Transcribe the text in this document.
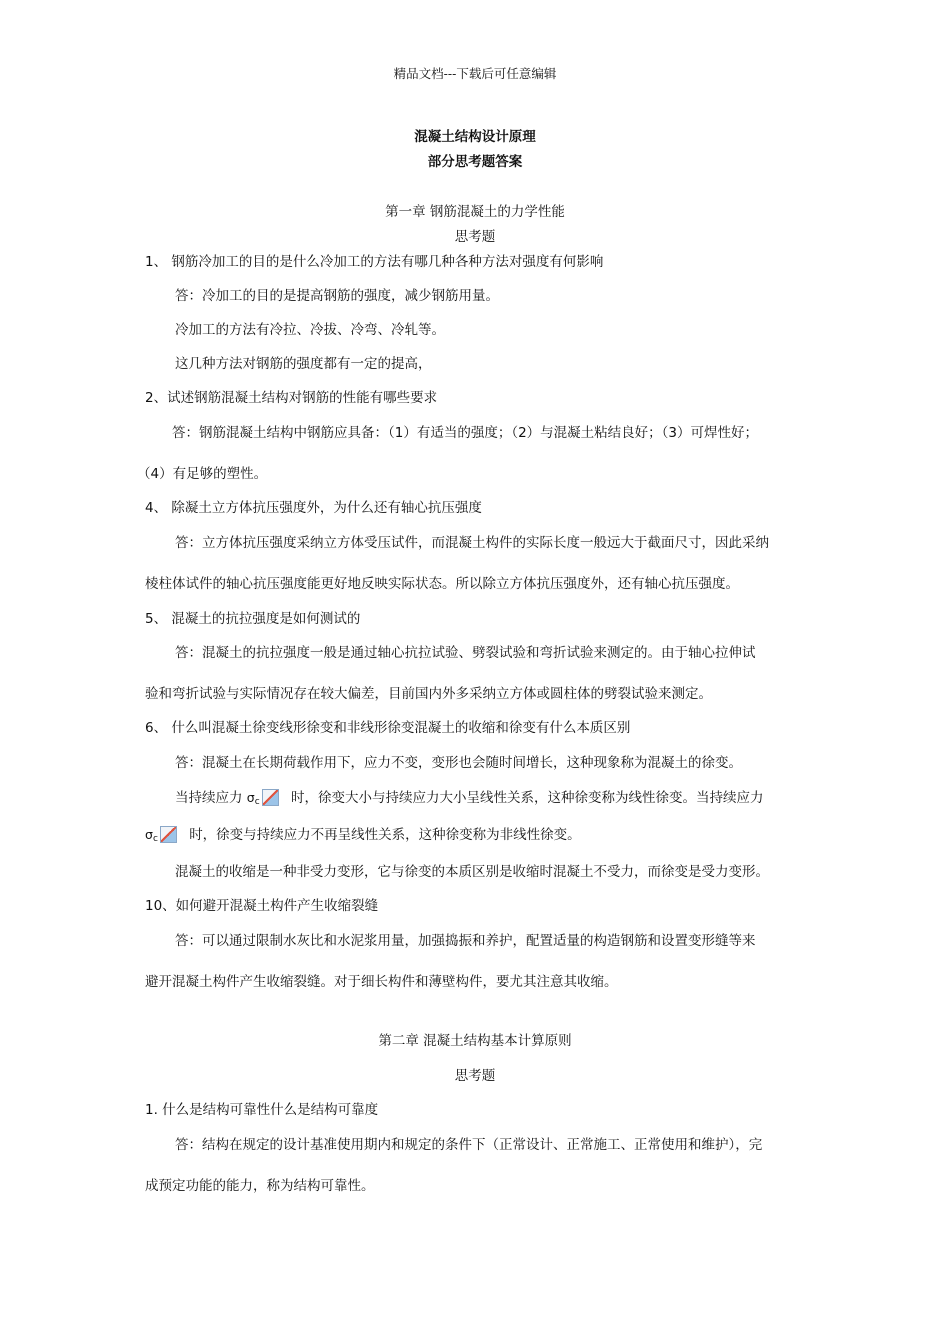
精品文档---下载后可任意编辑

混凝土结构设计原理

部分思考题答案

第一章 钢筋混凝土的力学性能

思考题

1、 钢筋冷加工的目的是什么冷加工的方法有哪几种各种方法对强度有何影响

答：冷加工的目的是提高钢筋的强度，减少钢筋用量。

冷加工的方法有冷拉、冷拔、冷弯、冷轧等。

这几种方法对钢筋的强度都有一定的提高，

2、试述钢筋混凝土结构对钢筋的性能有哪些要求

答：钢筋混凝土结构中钢筋应具备：（1）有适当的强度；（2）与混凝土粘结良好；（3）可焊性好；

（4）有足够的塑性。

4、 除凝土立方体抗压强度外，为什么还有轴心抗压强度

答：立方体抗压强度采纳立方体受压试件，而混凝土构件的实际长度一般远大于截面尺寸，因此采纳

棱柱体试件的轴心抗压强度能更好地反映实际状态。所以除立方体抗压强度外，还有轴心抗压强度。

5、 混凝土的抗拉强度是如何测试的

答：混凝土的抗拉强度一般是通过轴心抗拉试验、劈裂试验和弯折试验来测定的。由于轴心拉伸试

验和弯折试验与实际情况存在较大偏差，目前国内外多采纳立方体或圆柱体的劈裂试验来测定。

6、 什么叫混凝土徐变线形徐变和非线形徐变混凝土的收缩和徐变有什么本质区别

答：混凝土在长期荷载作用下，应力不变，变形也会随时间增长，这种现象称为混凝土的徐变。

当持续应力 $\sigma_c$ 时，徐变大小与持续应力大小呈线性关系，这种徐变称为线性徐变。当持续应力

$\sigma_c$ 时，徐变与持续应力不再呈线性关系，这种徐变称为非线性徐变。

混凝土的收缩是一种非受力变形，它与徐变的本质区别是收缩时混凝土不受力，而徐变是受力变形。

10、如何避开混凝土构件产生收缩裂缝

答：可以通过限制水灰比和水泥浆用量，加强捣振和养护，配置适量的构造钢筋和设置变形缝等来

避开混凝土构件产生收缩裂缝。对于细长构件和薄壁构件，要尤其注意其收缩。

第二章 混凝土结构基本计算原则

思考题

1. 什么是结构可靠性什么是结构可靠度

答：结构在规定的设计基准使用期内和规定的条件下（正常设计、正常施工、正常使用和维护），完

成预定功能的能力，称为结构可靠性。
